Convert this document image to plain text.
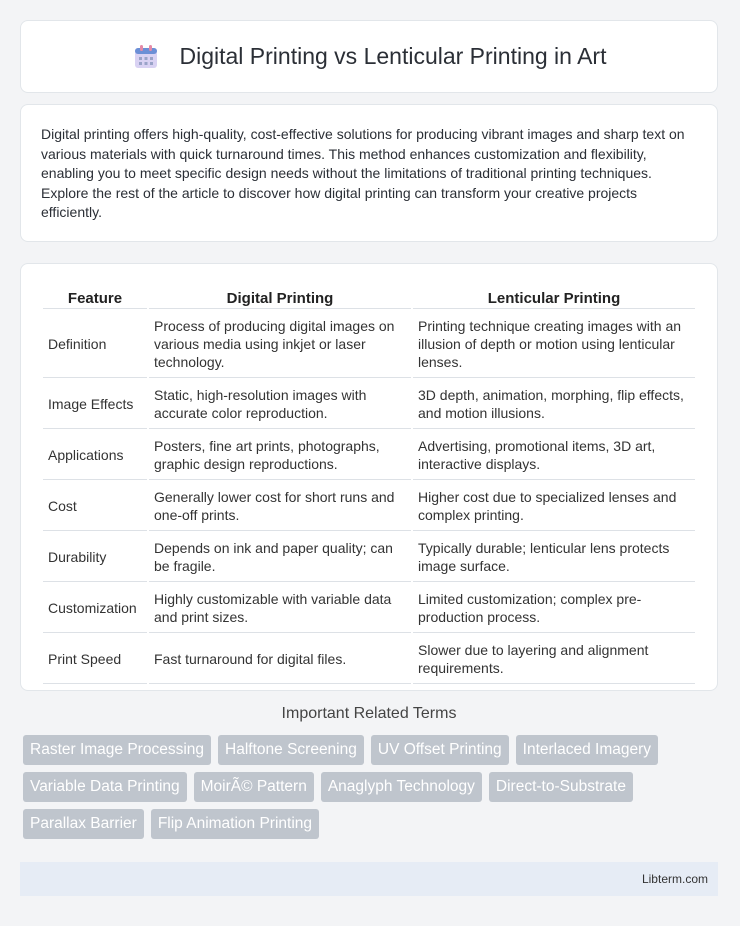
Digital Printing vs Lenticular Printing in Art

Digital printing offers high-quality, cost-effective solutions for producing vibrant images and sharp text on various materials with quick turnaround times. This method enhances customization and flexibility, enabling you to meet specific design needs without the limitations of traditional printing techniques. Explore the rest of the article to discover how digital printing can transform your creative projects efficiently.

Feature	Digital Printing	Lenticular Printing
Definition	Process of producing digital images on various media using inkjet or laser technology.	Printing technique creating images with an illusion of depth or motion using lenticular lenses.
Image Effects	Static, high-resolution images with accurate color reproduction.	3D depth, animation, morphing, flip effects, and motion illusions.
Applications	Posters, fine art prints, photographs, graphic design reproductions.	Advertising, promotional items, 3D art, interactive displays.
Cost	Generally lower cost for short runs and one-off prints.	Higher cost due to specialized lenses and complex printing.
Durability	Depends on ink and paper quality; can be fragile.	Typically durable; lenticular lens protects image surface.
Customization	Highly customizable with variable data and print sizes.	Limited customization; complex pre-production process.
Print Speed	Fast turnaround for digital files.	Slower due to layering and alignment requirements.
Important Related Terms
Raster Image Processing	Halftone Screening	UV Offset Printing	Interlaced Imagery
Variable Data Printing	MoirÃ© Pattern	Anaglyph Technology	Direct-to-Substrate
Parallax Barrier	Flip Animation Printing
Libterm.com
